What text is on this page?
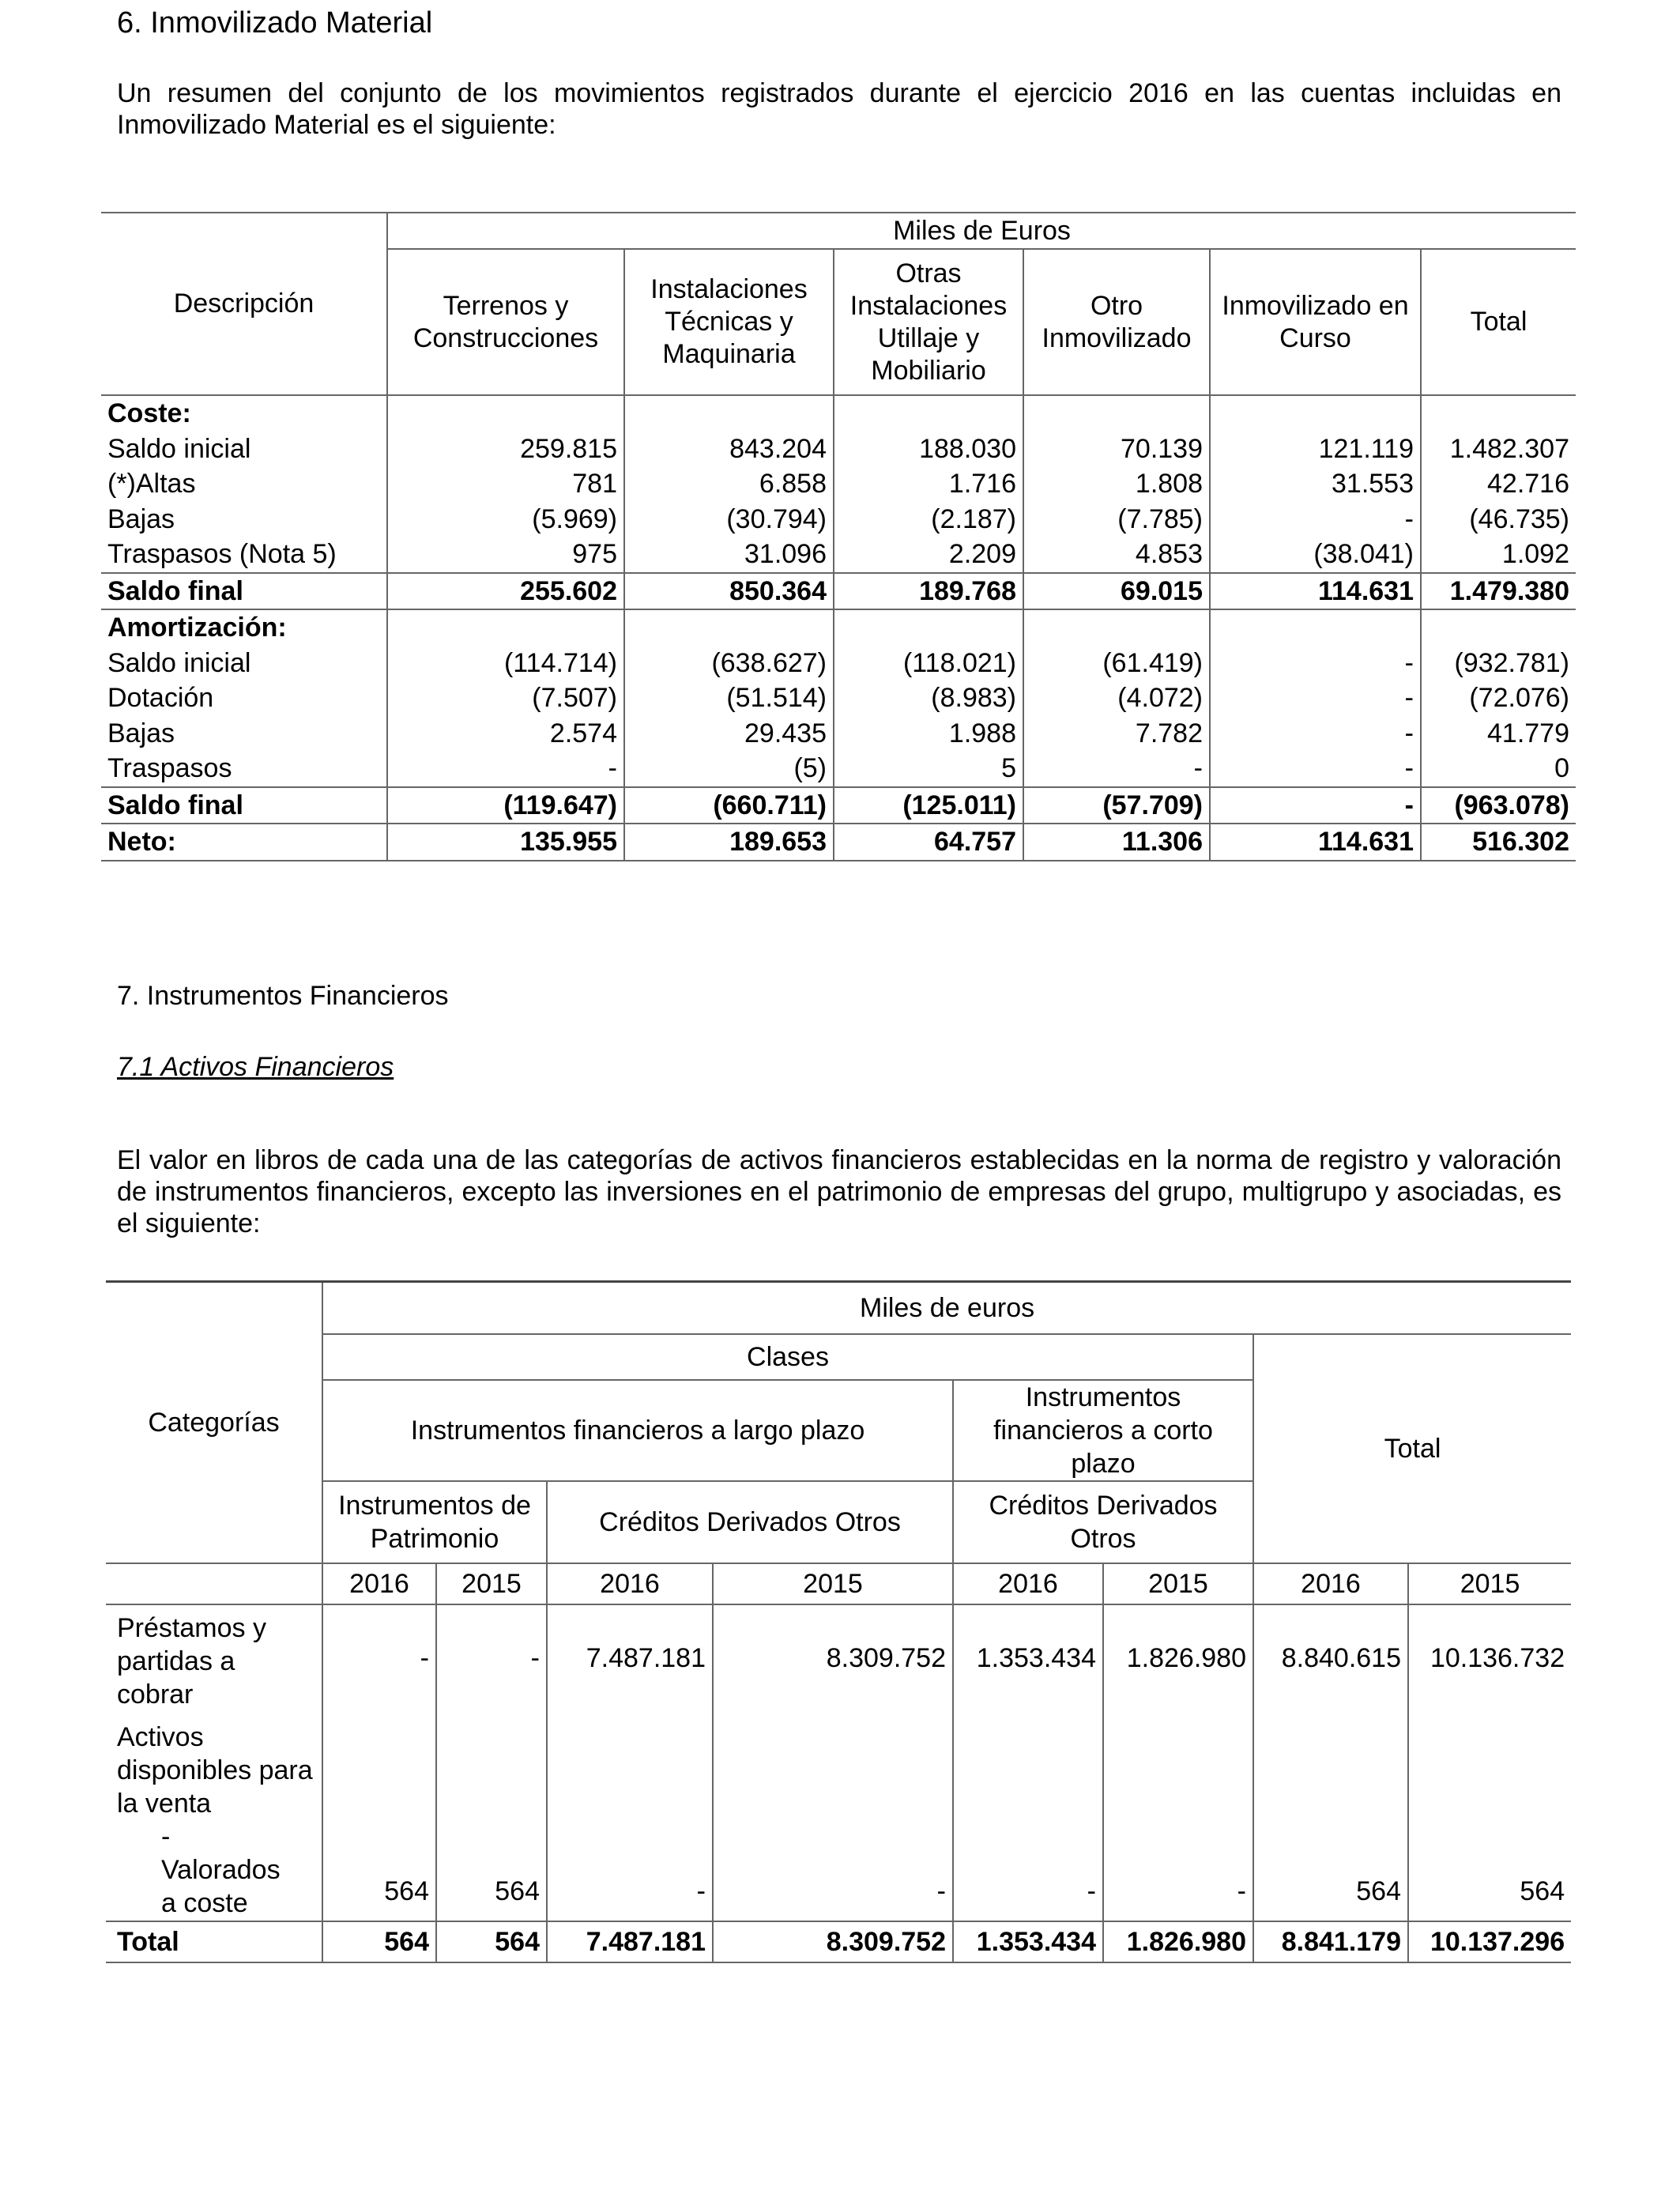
6. Inmovilizado Material
Un resumen del conjunto de los movimientos registrados durante el ejercicio 2016 en las cuentas incluidas en Inmovilizado Material es el siguiente:
Descripción	Miles de Euros					
	Terrenos y Construcciones	Instalaciones Técnicas y Maquinaria	Otras Instalaciones Utillaje y Mobiliario	Otro Inmovilizado	Inmovilizado en Curso	Total
Coste:						
Saldo inicial	259.815	843.204	188.030	70.139	121.119	1.482.307
(*)Altas	781	6.858	1.716	1.808	31.553	42.716
Bajas	(5.969)	(30.794)	(2.187)	(7.785)	-	(46.735)
Traspasos (Nota 5)	975	31.096	2.209	4.853	(38.041)	1.092
Saldo final	255.602	850.364	189.768	69.015	114.631	1.479.380
Amortización:						
Saldo inicial	(114.714)	(638.627)	(118.021)	(61.419)	-	(932.781)
Dotación	(7.507)	(51.514)	(8.983)	(4.072)	-	(72.076)
Bajas	2.574	29.435	1.988	7.782	-	41.779
Traspasos	-	(5)	5	-	-	0
Saldo final	(119.647)	(660.711)	(125.011)	(57.709)	-	(963.078)
Neto:	135.955	189.653	64.757	11.306	114.631	516.302
7. Instrumentos Financieros
7.1 Activos Financieros
El valor en libros de cada una de las categorías de activos financieros establecidas en la norma de registro y valoración de instrumentos financieros, excepto las inversiones en el patrimonio de empresas del grupo, multigrupo y asociadas, es el siguiente:
Categorías	Miles de euros							
	Clases						Total	
	Instrumentos financieros a largo plazo				Instrumentos financieros a corto plazo			
	Instrumentos de Patrimonio		Créditos Derivados Otros		Créditos Derivados Otros			
	2016	2015	2016	2015	2016	2015	2016	2015
Préstamos y partidas a cobrar	-	-	7.487.181	8.309.752	1.353.434	1.826.980	8.840.615	10.136.732

Activos disponibles para la venta
-Valorados a coste	564	564	-	-	-	-	564	564
Total	564	564	7.487.181	8.309.752	1.353.434	1.826.980	8.841.179	10.137.296
